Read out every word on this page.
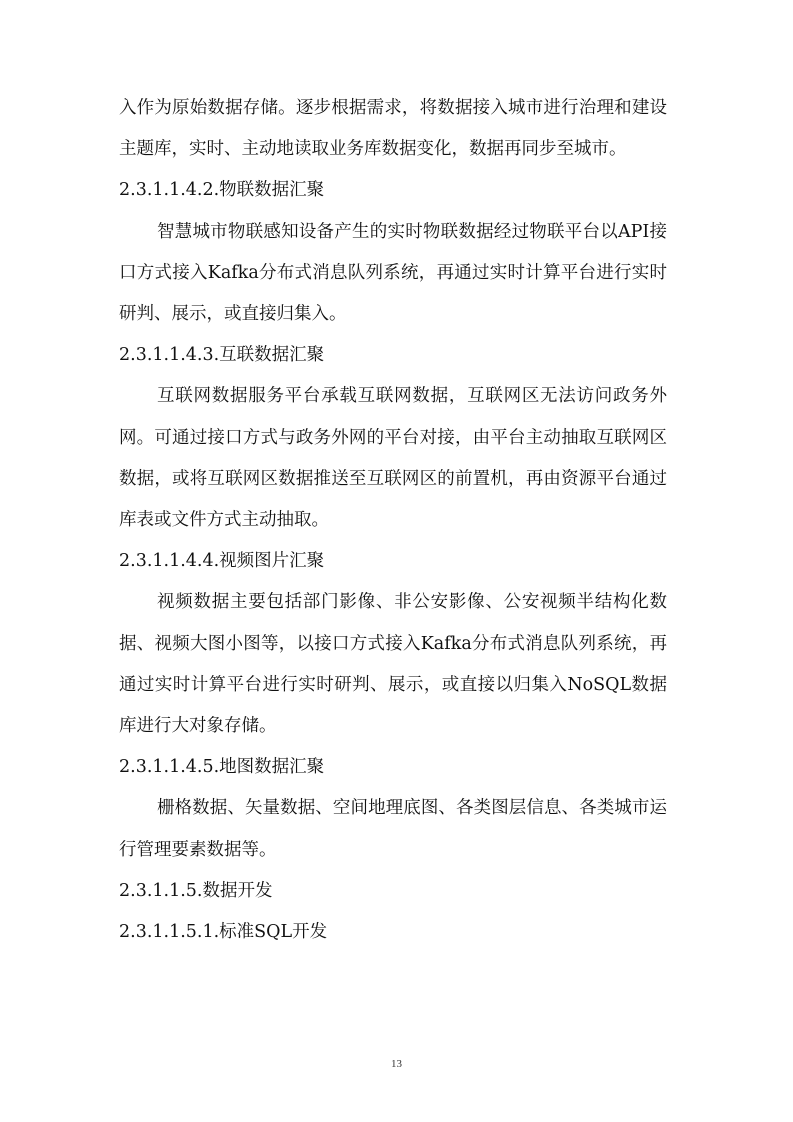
入作为原始数据存储。逐步根据需求，将数据接入城市进行治理和建设主题库，实时、主动地读取业务库数据变化，数据再同步至城市。

2.3.1.1.4.2.物联数据汇聚

智慧城市物联感知设备产生的实时物联数据经过物联平台以API接口方式接入Kafka分布式消息队列系统，再通过实时计算平台进行实时研判、展示，或直接归集入。

2.3.1.1.4.3.互联数据汇聚

互联网数据服务平台承载互联网数据，互联网区无法访问政务外网。可通过接口方式与政务外网的平台对接，由平台主动抽取互联网区数据，或将互联网区数据推送至互联网区的前置机，再由资源平台通过库表或文件方式主动抽取。

2.3.1.1.4.4.视频图片汇聚

视频数据主要包括部门影像、非公安影像、公安视频半结构化数据、视频大图小图等，以接口方式接入Kafka分布式消息队列系统，再通过实时计算平台进行实时研判、展示，或直接以归集入NoSQL数据库进行大对象存储。

2.3.1.1.4.5.地图数据汇聚

栅格数据、矢量数据、空间地理底图、各类图层信息、各类城市运行管理要素数据等。

2.3.1.1.5.数据开发

2.3.1.1.5.1.标准SQL开发

13
